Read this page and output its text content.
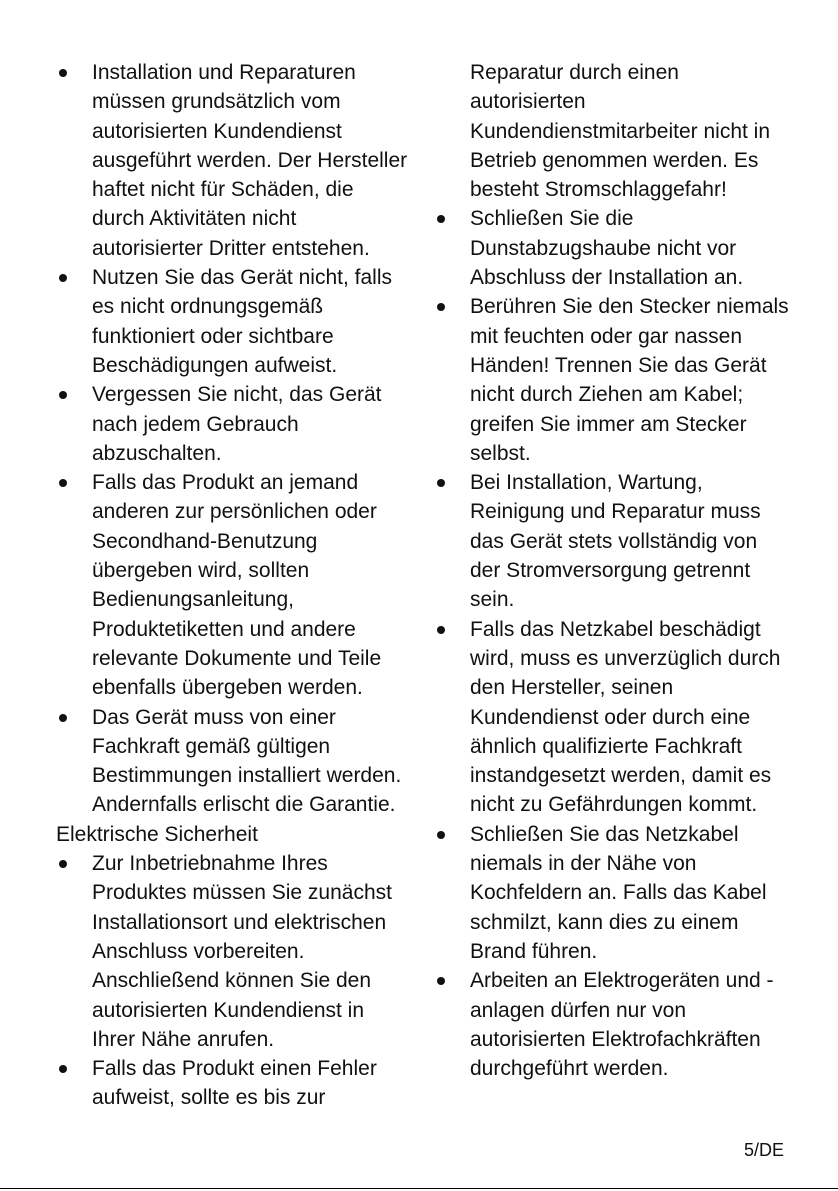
Installation und Reparaturen
müssen grundsätzlich vom
autorisierten Kundendienst
ausgeführt werden. Der Hersteller
haftet nicht für Schäden, die
durch Aktivitäten nicht
autorisierter Dritter entstehen.
Nutzen Sie das Gerät nicht, falls
es nicht ordnungsgemäß
funktioniert oder sichtbare
Beschädigungen aufweist.
Vergessen Sie nicht, das Gerät
nach jedem Gebrauch
abzuschalten.
Falls das Produkt an jemand
anderen zur persönlichen oder
Secondhand-Benutzung
übergeben wird, sollten
Bedienungsanleitung,
Produktetiketten und andere
relevante Dokumente und Teile
ebenfalls übergeben werden.
Das Gerät muss von einer
Fachkraft gemäß gültigen
Bestimmungen installiert werden.
Andernfalls erlischt die Garantie.
Elektrische Sicherheit
Zur Inbetriebnahme Ihres
Produktes müssen Sie zunächst
Installationsort und elektrischen
Anschluss vorbereiten.
Anschließend können Sie den
autorisierten Kundendienst in
Ihrer Nähe anrufen.
Falls das Produkt einen Fehler
aufweist, sollte es bis zur
Reparatur durch einen
autorisierten
Kundendienstmitarbeiter nicht in
Betrieb genommen werden. Es
besteht Stromschlaggefahr!
Schließen Sie die
Dunstabzugshaube nicht vor
Abschluss der Installation an.
Berühren Sie den Stecker niemals
mit feuchten oder gar nassen
Händen! Trennen Sie das Gerät
nicht durch Ziehen am Kabel;
greifen Sie immer am Stecker
selbst.
Bei Installation, Wartung,
Reinigung und Reparatur muss
das Gerät stets vollständig von
der Stromversorgung getrennt
sein.
Falls das Netzkabel beschädigt
wird, muss es unverzüglich durch
den Hersteller, seinen
Kundendienst oder durch eine
ähnlich qualifizierte Fachkraft
instandgesetzt werden, damit es
nicht zu Gefährdungen kommt.
Schließen Sie das Netzkabel
niemals in der Nähe von
Kochfeldern an. Falls das Kabel
schmilzt, kann dies zu einem
Brand führen.
Arbeiten an Elektrogeräten und -
anlagen dürfen nur von
autorisierten Elektrofachkräften
durchgeführt werden.
5/DE
